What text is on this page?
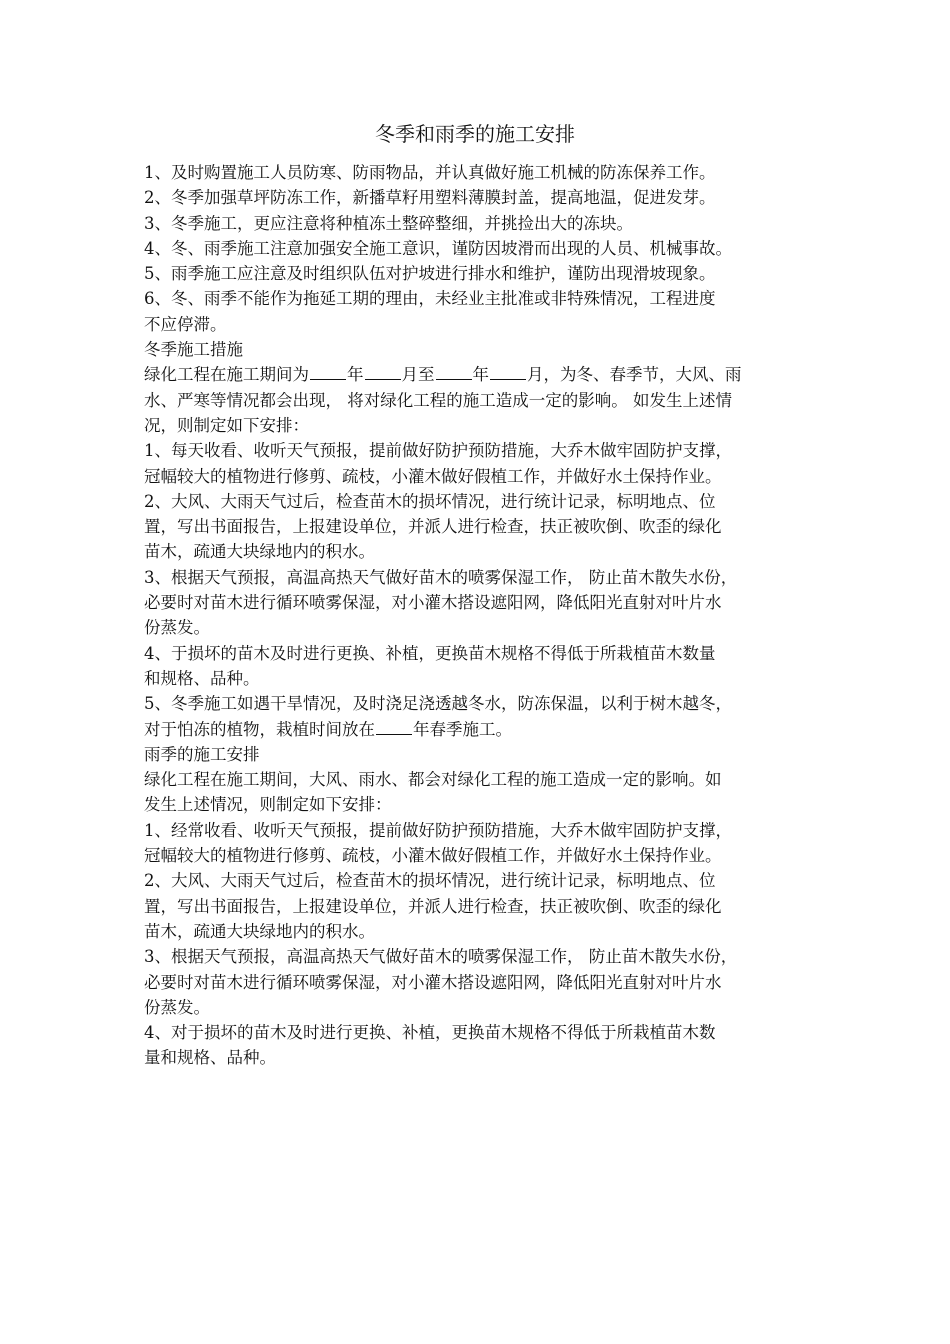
冬季和雨季的施工安排
1、及时购置施工人员防寒、防雨物品，并认真做好施工机械的防冻保养工作。
2、冬季加强草坪防冻工作，新播草籽用塑料薄膜封盖，提高地温，促进发芽。
3、冬季施工，更应注意将种植冻土整碎整细，并挑捡出大的冻块。
4、冬、雨季施工注意加强安全施工意识，谨防因坡滑而出现的人员、机械事故。
5、雨季施工应注意及时组织队伍对护坡进行排水和维护，谨防出现滑坡现象。
6、冬、雨季不能作为拖延工期的理由，未经业主批准或非特殊情况，工程进度
不应停滞。
冬季施工措施
绿化工程在施工期间为 年 月至 年 月，为冬、春季节，大风、雨
水、严寒等情况都会出现， 将对绿化工程的施工造成一定的影响。 如发生上述情
况，则制定如下安排：
1、每天收看、收听天气预报，提前做好防护预防措施，大乔木做牢固防护支撑，
冠幅较大的植物进行修剪、疏枝，小灌木做好假植工作，并做好水土保持作业。
2、大风、大雨天气过后，检查苗木的损坏情况，进行统计记录，标明地点、位
置，写出书面报告，上报建设单位，并派人进行检查，扶正被吹倒、吹歪的绿化
苗木，疏通大块绿地内的积水。
3、根据天气预报，高温高热天气做好苗木的喷雾保湿工作， 防止苗木散失水份，
必要时对苗木进行循环喷雾保湿，对小灌木搭设遮阳网，降低阳光直射对叶片水
份蒸发。
4、于损坏的苗木及时进行更换、补植，更换苗木规格不得低于所栽植苗木数量
和规格、品种。
5、冬季施工如遇干旱情况，及时浇足浇透越冬水，防冻保温，以利于树木越冬，
对于怕冻的植物，栽植时间放在 年春季施工。
雨季的施工安排
绿化工程在施工期间，大风、雨水、都会对绿化工程的施工造成一定的影响。如
发生上述情况，则制定如下安排：
1、经常收看、收听天气预报，提前做好防护预防措施，大乔木做牢固防护支撑，
冠幅较大的植物进行修剪、疏枝，小灌木做好假植工作，并做好水土保持作业。
2、大风、大雨天气过后，检查苗木的损坏情况，进行统计记录，标明地点、位
置，写出书面报告，上报建设单位，并派人进行检查，扶正被吹倒、吹歪的绿化
苗木，疏通大块绿地内的积水。
3、根据天气预报，高温高热天气做好苗木的喷雾保湿工作， 防止苗木散失水份，
必要时对苗木进行循环喷雾保湿，对小灌木搭设遮阳网，降低阳光直射对叶片水
份蒸发。
4、对于损坏的苗木及时进行更换、补植，更换苗木规格不得低于所栽植苗木数
量和规格、品种。
